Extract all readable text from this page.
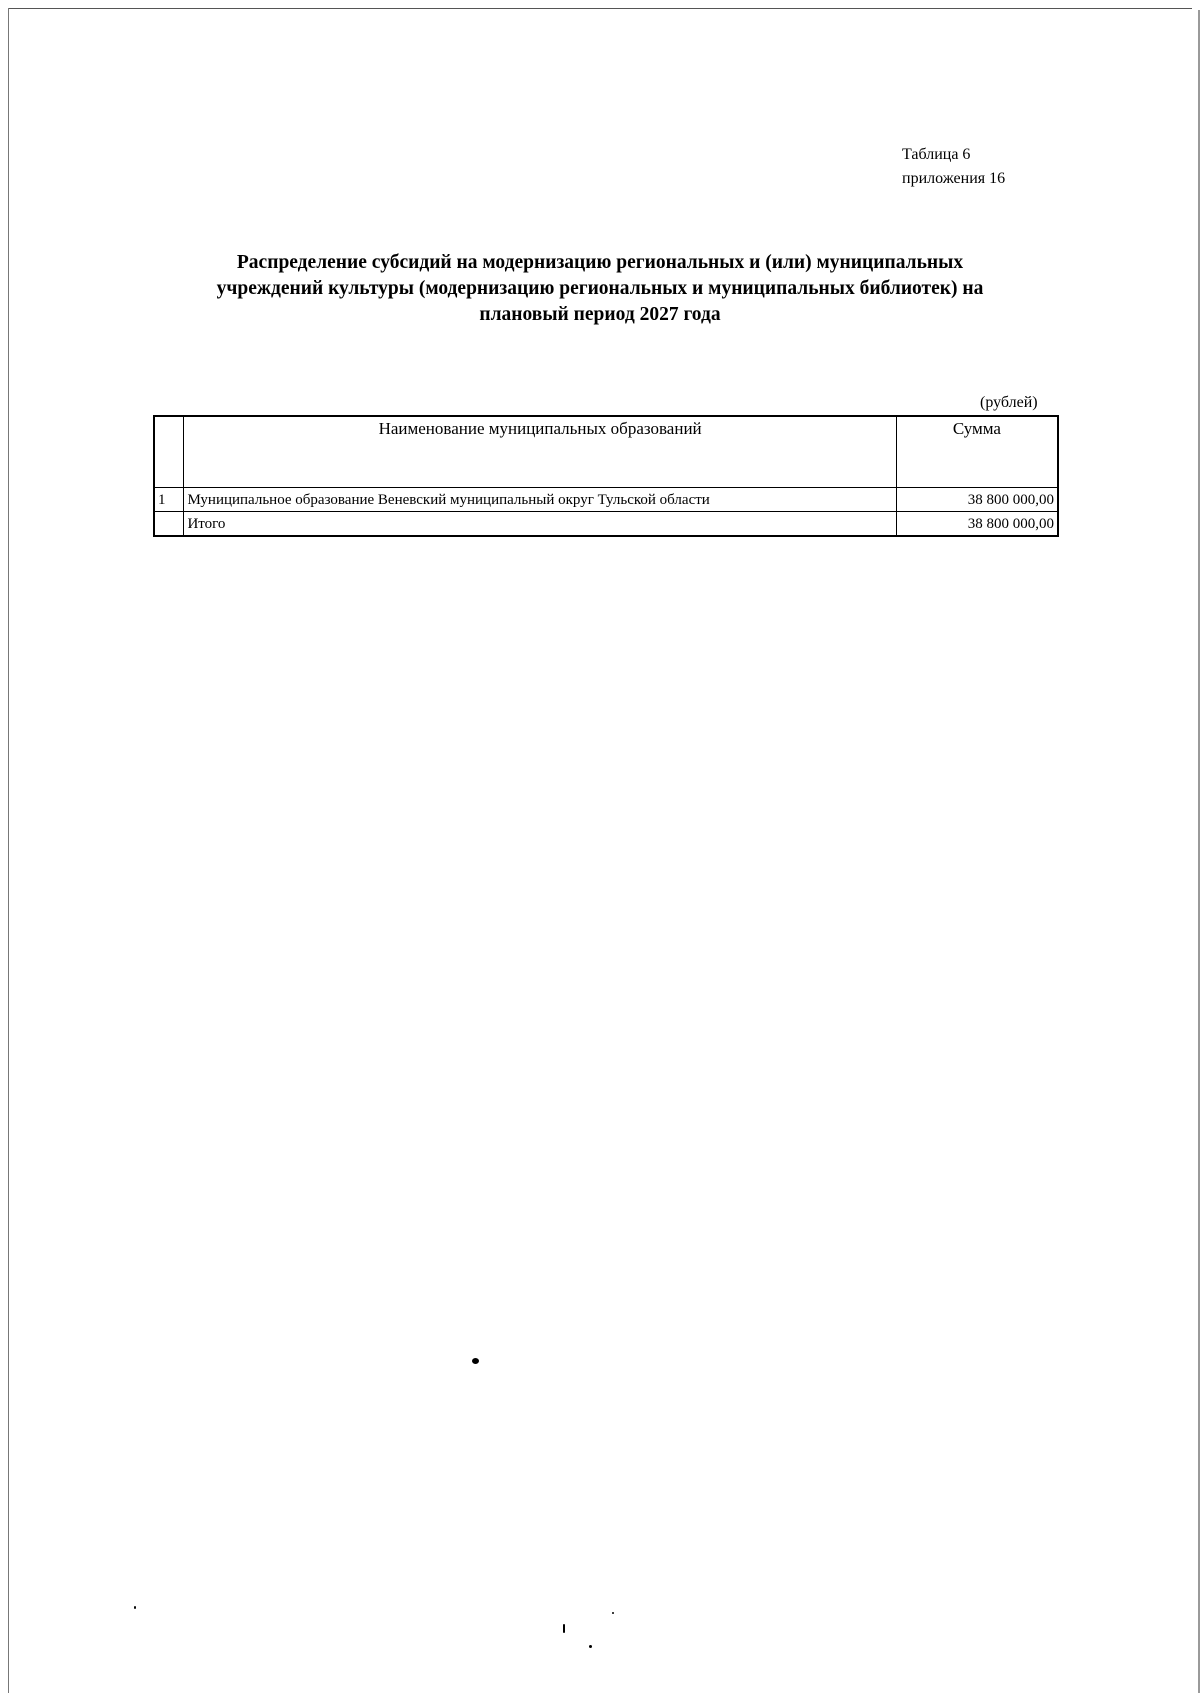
Таблица 6
приложения 16
Распределение субсидий на модернизацию региональных и (или) муниципальных
учреждений культуры (модернизацию региональных и муниципальных библиотек) на
плановый период 2027 года
(рублей)
	Наименование муниципальных образований	Сумма
1	Муниципальное образование Веневский муниципальный округ Тульской области	38 800 000,00
	Итого	38 800 000,00
